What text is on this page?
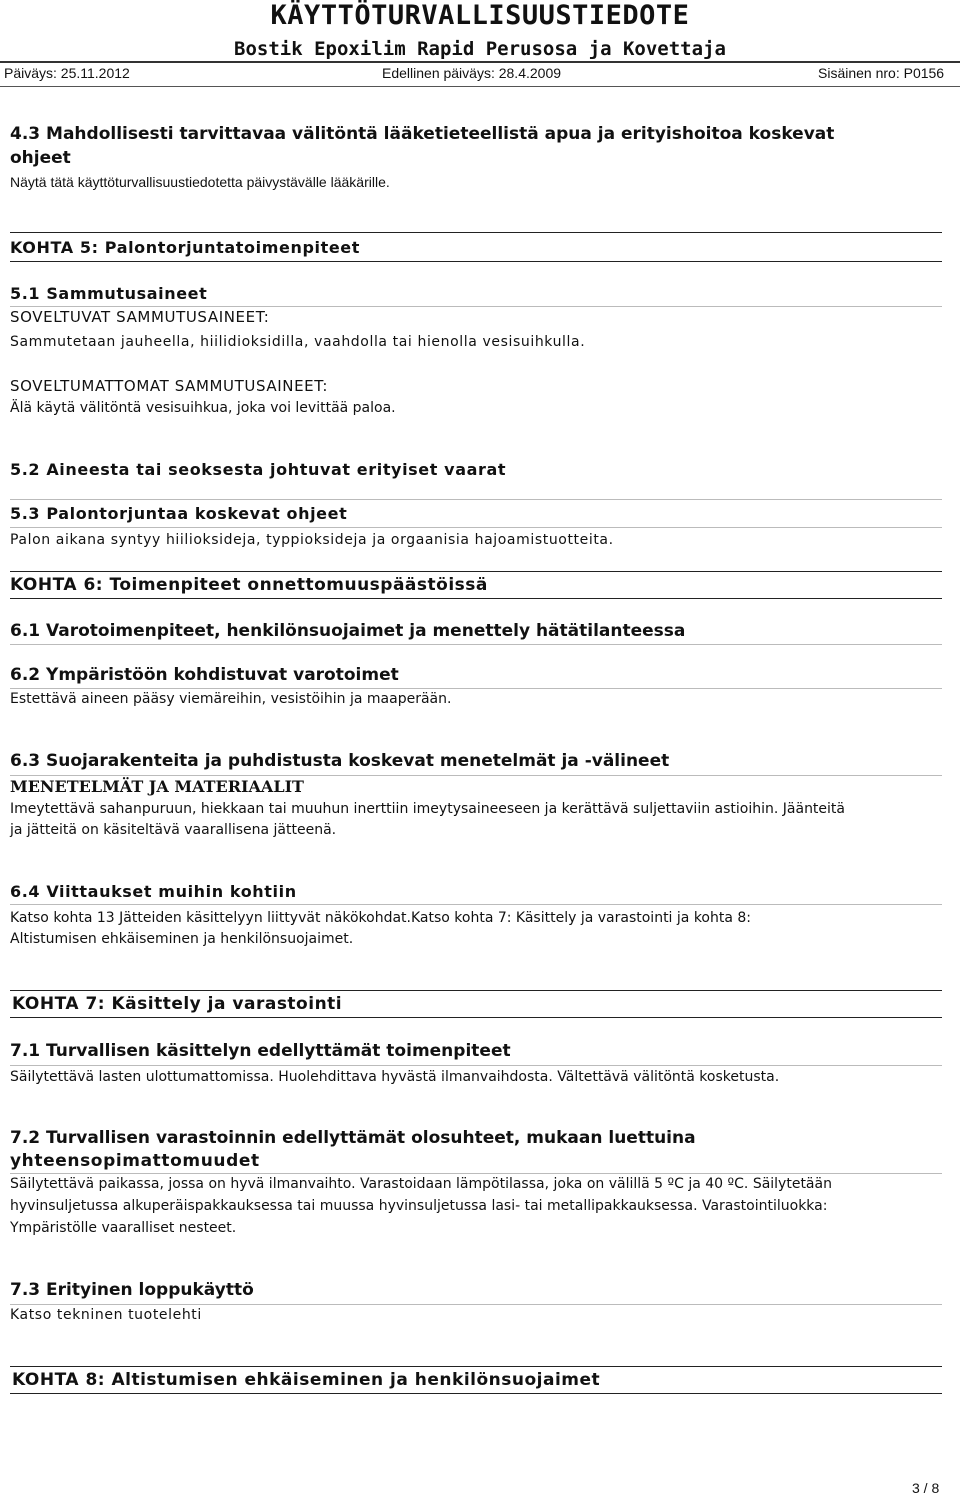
KÄYTTÖTURVALLISUUSTIEDOTE
Bostik Epoxilim Rapid Perusosa ja Kovettaja
Päiväys: 25.11.2012	Edellinen päiväys: 28.4.2009	Sisäinen nro: P0156
4.3 Mahdollisesti tarvittavaa välitöntä lääketieteellistä apua ja erityishoitoa koskevat
ohjeet
Näytä tätä käyttöturvallisuustiedotetta päivystävälle lääkärille.
KOHTA 5: Palontorjuntatoimenpiteet
5.1 Sammutusaineet
SOVELTUVAT SAMMUTUSAINEET:
Sammutetaan jauheella, hiilidioksidilla, vaahdolla tai hienolla vesisuihkulla.
SOVELTUMATTOMAT SAMMUTUSAINEET:
Älä käytä välitöntä vesisuihkua, joka voi levittää paloa.
5.2 Aineesta tai seoksesta johtuvat erityiset vaarat
5.3 Palontorjuntaa koskevat ohjeet
Palon aikana syntyy hiilioksideja, typpioksideja ja orgaanisia hajoamistuotteita.
KOHTA 6: Toimenpiteet onnettomuuspäästöissä
6.1 Varotoimenpiteet, henkilönsuojaimet ja menettely hätätilanteessa
6.2 Ympäristöön kohdistuvat varotoimet
Estettävä aineen pääsy viemäreihin, vesistöihin ja maaperään.
6.3 Suojarakenteita ja puhdistusta koskevat menetelmät ja -välineet
MENETELMÄT JA MATERIAALIT
Imeytettävä sahanpuruun, hiekkaan tai muuhun inerttiin imeytysaineeseen ja kerättävä suljettaviin astioihin. Jäänteitä
ja jätteitä on käsiteltävä vaarallisena jätteenä.
6.4 Viittaukset muihin kohtiin
Katso kohta 13 Jätteiden käsittelyyn liittyvät näkökohdat.Katso kohta 7: Käsittely ja varastointi ja kohta 8:
Altistumisen ehkäiseminen ja henkilönsuojaimet.
KOHTA 7: Käsittely ja varastointi
7.1 Turvallisen käsittelyn edellyttämät toimenpiteet
Säilytettävä lasten ulottumattomissa. Huolehdittava hyvästä ilmanvaihdosta. Vältettävä välitöntä kosketusta.
7.2 Turvallisen varastoinnin edellyttämät olosuhteet, mukaan luettuina
yhteensopimattomuudet
Säilytettävä paikassa, jossa on hyvä ilmanvaihto. Varastoidaan lämpötilassa, joka on välillä 5 ºC ja 40 ºC. Säilytetään
hyvinsuljetussa alkuperäispakkauksessa tai muussa hyvinsuljetussa lasi- tai metallipakkauksessa. Varastointiluokka:
Ympäristölle vaaralliset nesteet.
7.3 Erityinen loppukäyttö
Katso tekninen tuotelehti
KOHTA 8: Altistumisen ehkäiseminen ja henkilönsuojaimet
3 / 8
